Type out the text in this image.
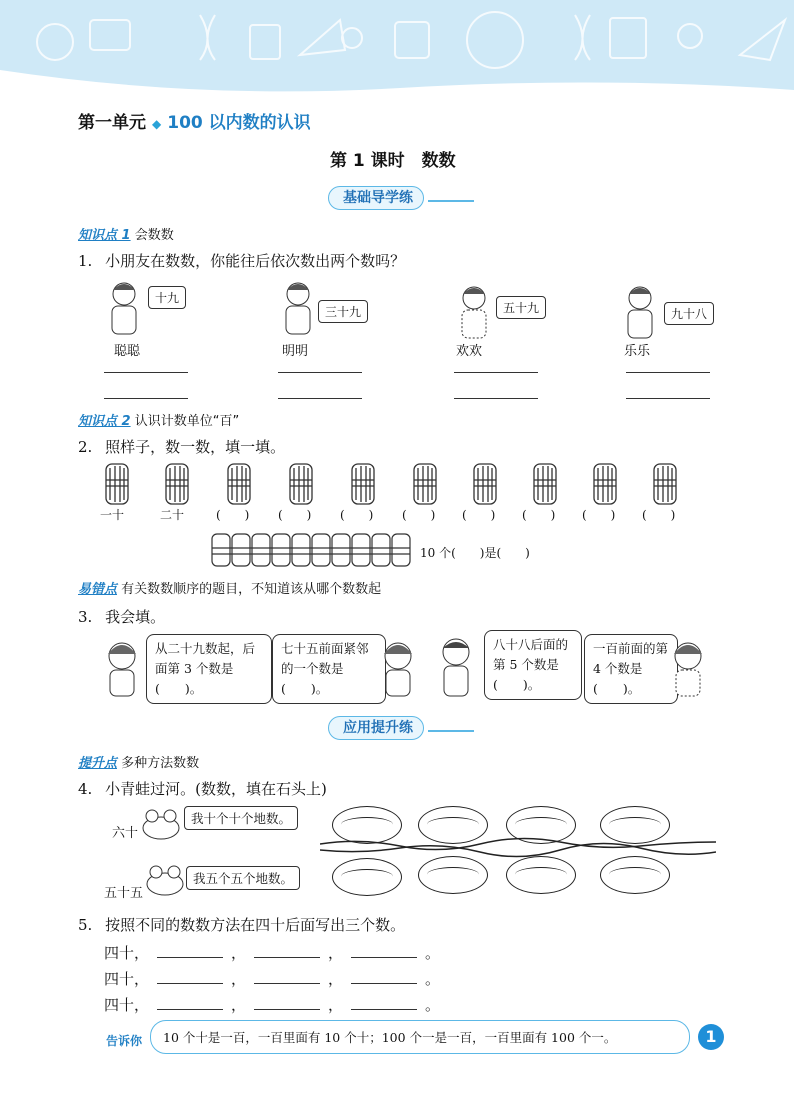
第一单元 ◆ 100 以内数的认识
第 1 课时　 数数
基础导学练
知识点 1 会数数
1. 小朋友在数数，你能往后依次数出两个数吗？
十九
聪聪
三十九
明明
五十九
欢欢
九十八
乐乐
知识点 2 认识计数单位“百”
2. 照样子，数一数，填一填。
一十	二十	(　　) (　　) (　　) (　　) (　　) (　　) (　　) (　　)
10 个(　　)是(　　)
易错点 有关数数顺序的题目，不知道该从哪个数数起
3. 我会填。
从二十九数起，后面第 3 个数是(　　)。
七十五前面紧邻的一个数是(　　)。
八十八后面的第 5 个数是(　　)。
一百前面的第 4 个数是(　　)。
应用提升练
提升点 多种方法数数
4. 小青蛙过河。(数数，填在石头上)
六十
我十个十个地数。
五十五
我五个五个地数。
5. 按照不同的数数方法在四十后面写出三个数。
四十，	，	，	。
四十，	，	，	。
四十，	，	，	。
告诉你	10 个十是一百，一百里面有 10 个十；100 个一是一百，一百里面有 100 个一。	1
